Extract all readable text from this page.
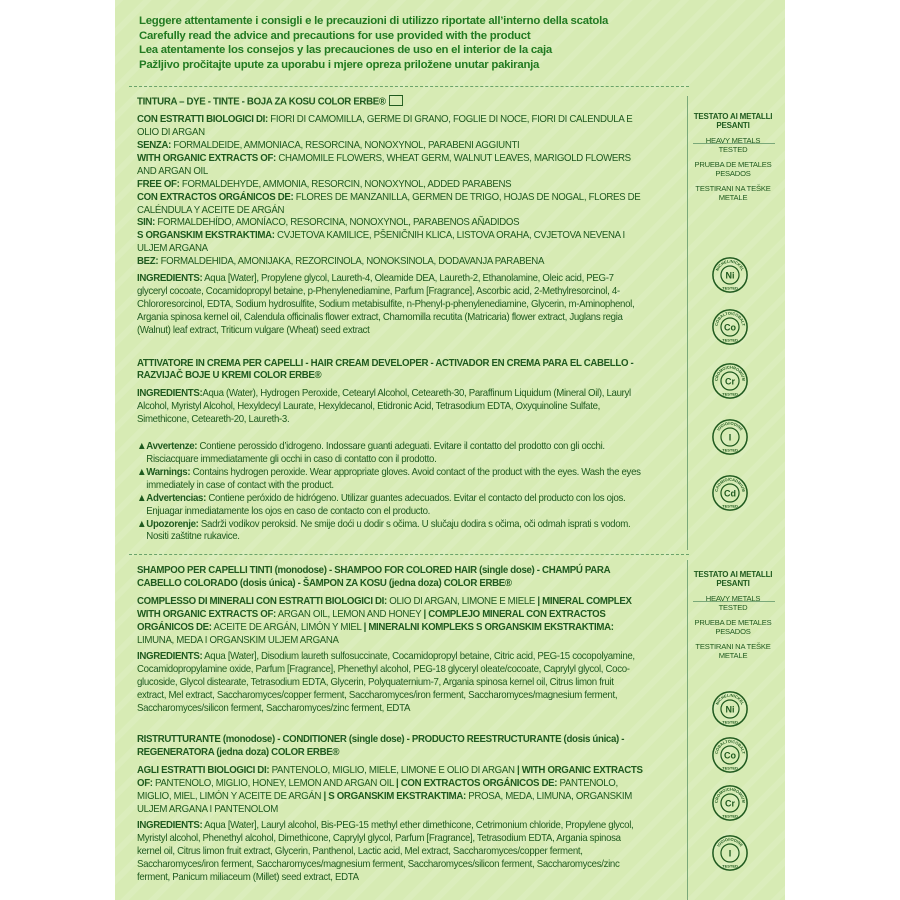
Leggere attentamente i consigli e le precauzioni di utilizzo riportate all’interno della scatola
Carefully read the advice and precautions for use provided with the product
Lea atentamente los consejos y las precauciones de uso en el interior de la caja
Pažljivo pročitajte upute za uporabu i mjere opreza priložene unutar pakiranja
TINTURA – DYE - TINTE - BOJA ZA KOSU COLOR ERBE®
CON ESTRATTI BIOLOGICI DI: FIORI DI CAMOMILLA, GERME DI GRANO, FOGLIE DI NOCE, FIORI DI CALENDULA E OLIO DI ARGAN
SENZA: FORMALDEIDE, AMMONIACA, RESORCINA, NONOXYNOL, PARABENI AGGIUNTI
WITH ORGANIC EXTRACTS OF: CHAMOMILE FLOWERS, WHEAT GERM, WALNUT LEAVES, MARIGOLD FLOWERS AND ARGAN OIL
FREE OF: FORMALDEHYDE, AMMONIA, RESORCIN, NONOXYNOL, ADDED PARABENS
CON EXTRACTOS ORGÁNICOS DE: FLORES DE MANZANILLA, GERMEN DE TRIGO, HOJAS DE NOGAL, FLORES DE CALÉNDULA Y ACEITE DE ARGÁN
SIN: FORMALDEHÍDO, AMONÍACO, RESORCINA, NONOXYNOL, PARABENOS AÑADIDOS
S ORGANSKIM EKSTRAKTIMA: CVJETOVA KAMILICE, PŠENIČNIH KLICA, LISTOVA ORAHA, CVJETOVA NEVENA I ULJEM ARGANA
BEZ: FORMALDEHIDA, AMONIJAKA, REZORCINOLA, NONOKSINOLA, DODAVANJA PARABENA
INGREDIENTS: Aqua [Water], Propylene glycol, Laureth-4, Oleamide DEA, Laureth-2, Ethanolamine, Oleic acid, PEG-7 glyceryl cocoate, Cocamidopropyl betaine, p-Phenylenediamine, Parfum [Fragrance], Ascorbic acid, 2-Methylresorcinol, 4-Chlororesorcinol, EDTA, Sodium hydrosulfite, Sodium metabisulfite, n-Phenyl-p-phenylenediamine, Glycerin, m-Aminophenol, Argania spinosa kernel oil, Calendula officinalis flower extract, Chamomilla recutita (Matricaria) flower extract, Juglans regia (Walnut) leaf extract, Triticum vulgare (Wheat) seed extract
ATTIVATORE IN CREMA PER CAPELLI - HAIR CREAM DEVELOPER - ACTIVADOR EN CREMA PARA EL CABELLO - RAZVIJAČ BOJE U KREMI COLOR ERBE®
INGREDIENTS:Aqua (Water), Hydrogen Peroxide, Cetearyl Alcohol, Ceteareth-30, Paraffinum Liquidum (Mineral Oil), Lauryl Alcohol, Myristyl Alcohol, Hexyldecyl Laurate, Hexyldecanol, Etidronic Acid, Tetrasodium EDTA, Oxyquinoline Sulfate, Simethicone, Ceteareth-20, Laureth-3.
▲Avvertenze: Contiene perossido d’idrogeno. Indossare guanti adeguati. Evitare il contatto del prodotto con gli occhi. Risciacquare immediatamente gli occhi in caso di contatto con il prodotto.
▲Warnings: Contains hydrogen peroxide. Wear appropriate gloves. Avoid contact of the product with the eyes. Wash the eyes immediately in case of contact with the product.
▲Advertencias: Contiene peróxido de hidrógeno. Utilizar guantes adecuados. Evitar el contacto del producto con los ojos. Enjuagar inmediatamente los ojos en caso de contacto con el producto.
▲Upozorenje: Sadrži vodikov peroksid. Ne smije doći u dodir s očima. U slučaju dodira s očima, oči odmah isprati s vodom. Nositi zaštitne rukavice.
SHAMPOO PER CAPELLI TINTI (monodose) - SHAMPOO FOR COLORED HAIR (single dose) - CHAMPÚ PARA CABELLO COLORADO (dosis única) - ŠAMPON ZA KOSU (jedna doza) COLOR ERBE®
COMPLESSO DI MINERALI CON ESTRATTI BIOLOGICI DI: OLIO DI ARGAN, LIMONE E MIELE | MINERAL COMPLEX WITH ORGANIC EXTRACTS OF: ARGAN OIL, LEMON AND HONEY | COMPLEJO MINERAL CON EXTRACTOS ORGÁNICOS DE: ACEITE DE ARGÁN, LIMÓN Y MIEL | MINERALNI KOMPLEKS S ORGANSKIM EKSTRAKTIMA: LIMUNA, MEDA I ORGANSKIM ULJEM ARGANA
INGREDIENTS: Aqua [Water], Disodium laureth sulfosuccinate, Cocamidopropyl betaine, Citric acid, PEG-15 cocopolyamine, Cocamidopropylamine oxide, Parfum [Fragrance], Phenethyl alcohol, PEG-18 glyceryl oleate/cocoate, Caprylyl glycol, Coco-glucoside, Glycol distearate, Tetrasodium EDTA, Glycerin, Polyquaternium-7, Argania spinosa kernel oil, Citrus limon fruit extract, Mel extract, Saccharomyces/copper ferment, Saccharomyces/iron ferment, Saccharomyces/magnesium ferment, Saccharomyces/silicon ferment, Saccharomyces/zinc ferment, EDTA
RISTRUTTURANTE (monodose) - CONDITIONER (single dose) - PRODUCTO REESTRUCTURANTE (dosis única) - REGENERATORA (jedna doza) COLOR ERBE®
AGLI ESTRATTI BIOLOGICI DI: PANTENOLO, MIGLIO, MIELE, LIMONE E OLIO DI ARGAN | WITH ORGANIC EXTRACTS OF: PANTENOLO, MIGLIO, HONEY, LEMON AND ARGAN OIL | CON EXTRACTOS ORGÁNICOS DE: PANTENOLO, MIGLIO, MIEL, LIMÓN Y ACEITE DE ARGÁN | S ORGANSKIM EKSTRAKTIMA: PROSA, MEDA, LIMUNA, ORGANSKIM ULJEM ARGANA I PANTENOLOM
INGREDIENTS: Aqua [Water], Lauryl alcohol, Bis-PEG-15 methyl ether dimethicone, Cetrimonium chloride, Propylene glycol, Myristyl alcohol, Phenethyl alcohol, Dimethicone, Caprylyl glycol, Parfum [Fragrance], Tetrasodium EDTA, Argania spinosa kernel oil, Citrus limon fruit extract, Glycerin, Panthenol, Lactic acid, Mel extract, Saccharomyces/copper ferment, Saccharomyces/iron ferment, Saccharomyces/magnesium ferment, Saccharomyces/silicon ferment, Saccharomyces/zinc ferment, Panicum miliaceum (Millet) seed extract, EDTA
TESTATO AI METALLI PESANTI
HEAVY METALS TESTED
PRUEBA DE METALES PESADOS
TESTIRANI NA TEŠKE METALE
TESTATO AI METALLI PESANTI
HEAVY METALS TESTED
PRUEBA DE METALES PESADOS
TESTIRANI NA TEŠKE METALE
NICHEL/NICKEL
Ni
TESTED
COBALTO/COBALT
Co
TESTED
CROMO/CHROMIUM
Cr
TESTED
IODIO/IODINE
I
TESTED
CADMIO/CADMIUM
Cd
TESTED
NICHEL/NICKEL
Ni
TESTED
COBALTO/COBALT
Co
TESTED
CROMO/CHROMIUM
Cr
TESTED
IODIO/IODINE
I
TESTED
